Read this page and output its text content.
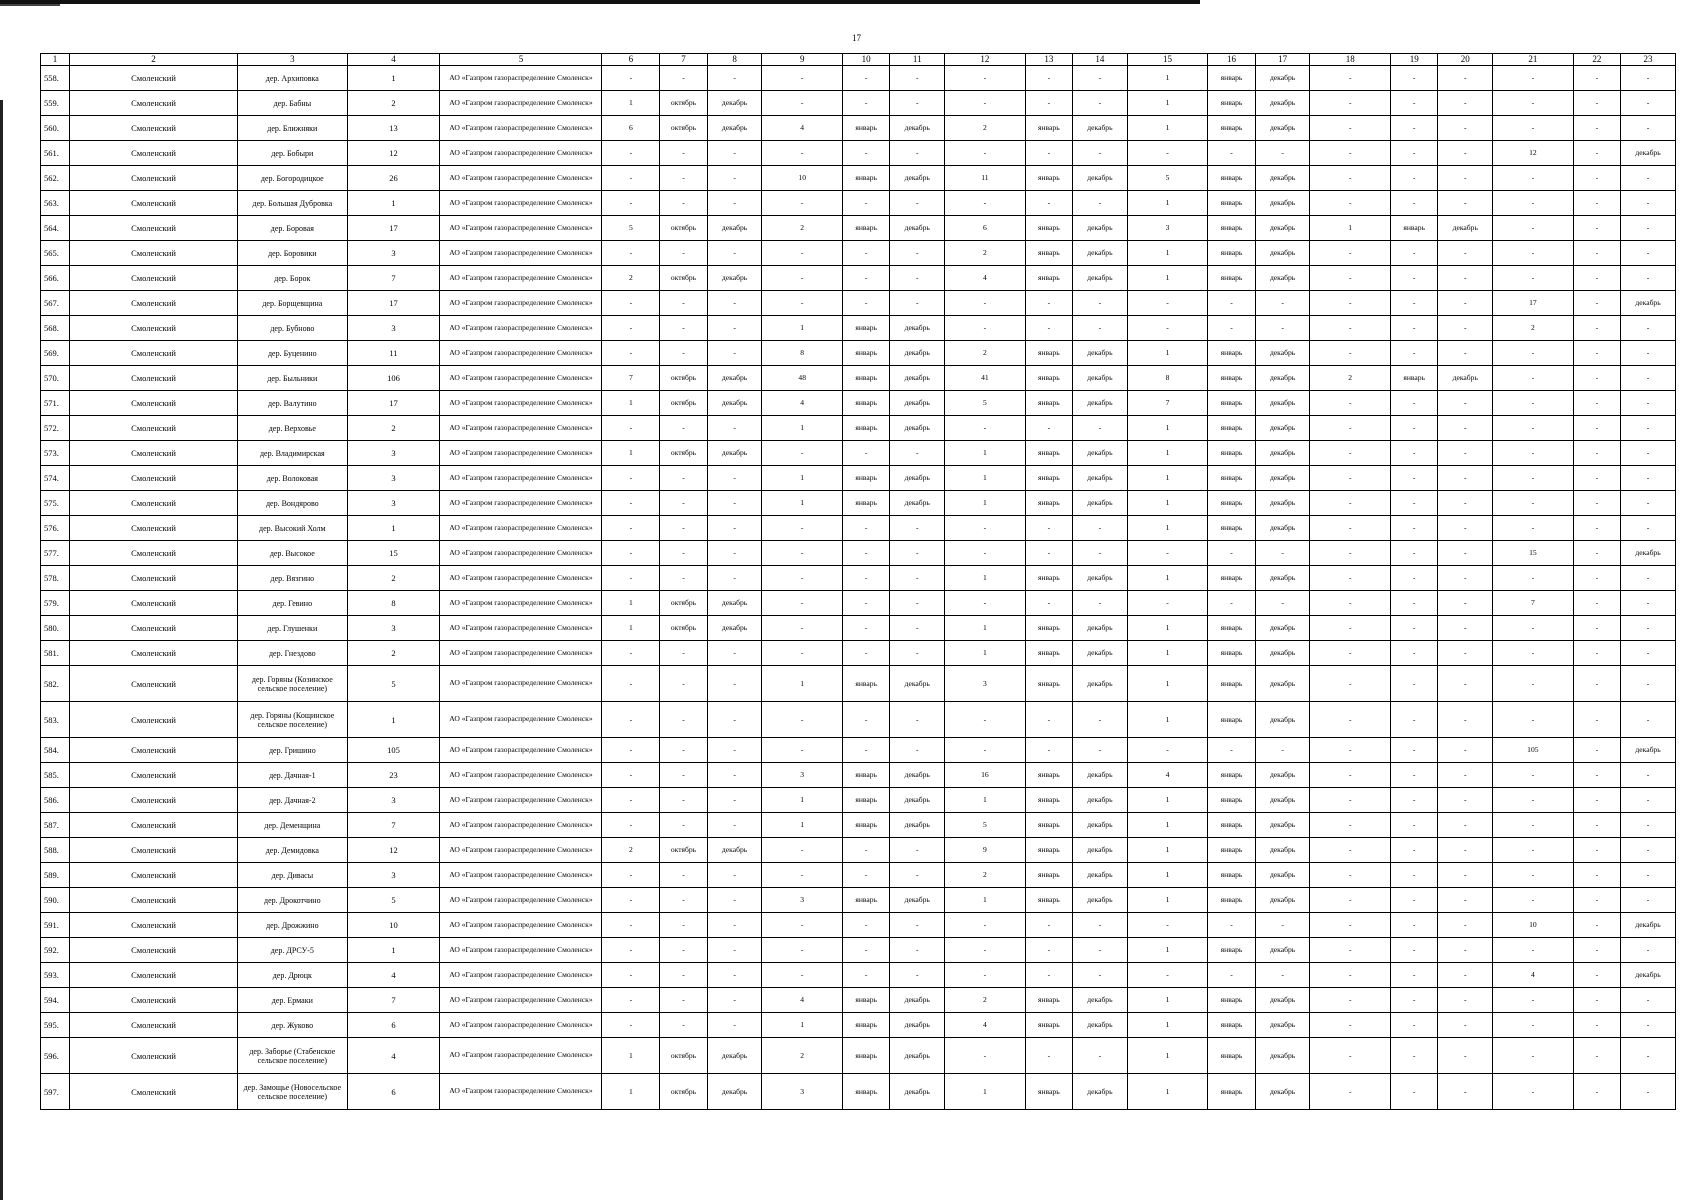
17
1	2	3	4	5	6	7	8	9	10	11	12	13	14	15	16	17	18	19	20	21	22	23
558.	Смоленский	дер. Архиповка	1	АО «Газпром газораспределение Смоленск»	-	-	-	-	-	-	-	-	-	1	январь	декабрь	-	-	-	-	-	-
559.	Смоленский	дер. Бабны	2	АО «Газпром газораспределение Смоленск»	1	октябрь	декабрь	-	-	-	-	-	-	1	январь	декабрь	-	-	-	-	-	-
560.	Смоленский	дер. Ближняки	13	АО «Газпром газораспределение Смоленск»	6	октябрь	декабрь	4	январь	декабрь	2	январь	декабрь	1	январь	декабрь	-	-	-	-	-	-
561.	Смоленский	дер. Бобыри	12	АО «Газпром газораспределение Смоленск»	-	-	-	-	-	-	-	-	-	-	-	-	-	-	-	12	-	декабрь
562.	Смоленский	дер. Богородицкое	26	АО «Газпром газораспределение Смоленск»	-	-	-	10	январь	декабрь	11	январь	декабрь	5	январь	декабрь	-	-	-	-	-	-
563.	Смоленский	дер. Большая Дубровка	1	АО «Газпром газораспределение Смоленск»	-	-	-	-	-	-	-	-	-	1	январь	декабрь	-	-	-	-	-	-
564.	Смоленский	дер. Боровая	17	АО «Газпром газораспределение Смоленск»	5	октябрь	декабрь	2	январь	декабрь	6	январь	декабрь	3	январь	декабрь	1	январь	декабрь	-	-	-
565.	Смоленский	дер. Боровики	3	АО «Газпром газораспределение Смоленск»	-	-	-	-	-	-	2	январь	декабрь	1	январь	декабрь	-	-	-	-	-	-
566.	Смоленский	дер. Борок	7	АО «Газпром газораспределение Смоленск»	2	октябрь	декабрь	-	-	-	4	январь	декабрь	1	январь	декабрь	-	-	-	-	-	-
567.	Смоленский	дер. Борщевщина	17	АО «Газпром газораспределение Смоленск»	-	-	-	-	-	-	-	-	-	-	-	-	-	-	-	17	-	декабрь
568.	Смоленский	дер. Бубново	3	АО «Газпром газораспределение Смоленск»	-	-	-	1	январь	декабрь	-	-	-	-	-	-	-	-	-	2	-	-
569.	Смоленский	дер. Буценино	11	АО «Газпром газораспределение Смоленск»	-	-	-	8	январь	декабрь	2	январь	декабрь	1	январь	декабрь	-	-	-	-	-	-
570.	Смоленский	дер. Быльники	106	АО «Газпром газораспределение Смоленск»	7	октябрь	декабрь	48	январь	декабрь	41	январь	декабрь	8	январь	декабрь	2	январь	декабрь	-	-	-
571.	Смоленский	дер. Валутино	17	АО «Газпром газораспределение Смоленск»	1	октябрь	декабрь	4	январь	декабрь	5	январь	декабрь	7	январь	декабрь	-	-	-	-	-	-
572.	Смоленский	дер. Верховье	2	АО «Газпром газораспределение Смоленск»	-	-	-	1	январь	декабрь	-	-	-	1	январь	декабрь	-	-	-	-	-	-
573.	Смоленский	дер. Владимирская	3	АО «Газпром газораспределение Смоленск»	1	октябрь	декабрь	-	-	-	1	январь	декабрь	1	январь	декабрь	-	-	-	-	-	-
574.	Смоленский	дер. Волоковая	3	АО «Газпром газораспределение Смоленск»	-	-	-	1	январь	декабрь	1	январь	декабрь	1	январь	декабрь	-	-	-	-	-	-
575.	Смоленский	дер. Вондярово	3	АО «Газпром газораспределение Смоленск»	-	-	-	1	январь	декабрь	1	январь	декабрь	1	январь	декабрь	-	-	-	-	-	-
576.	Смоленский	дер. Высокий Холм	1	АО «Газпром газораспределение Смоленск»	-	-	-	-	-	-	-	-	-	1	январь	декабрь	-	-	-	-	-	-
577.	Смоленский	дер. Высокое	15	АО «Газпром газораспределение Смоленск»	-	-	-	-	-	-	-	-	-	-	-	-	-	-	-	15	-	декабрь
578.	Смоленский	дер. Вязгино	2	АО «Газпром газораспределение Смоленск»	-	-	-	-	-	-	1	январь	декабрь	1	январь	декабрь	-	-	-	-	-	-
579.	Смоленский	дер. Гевино	8	АО «Газпром газораспределение Смоленск»	1	октябрь	декабрь	-	-	-	-	-	-	-	-	-	-	-	-	7	-	-
580.	Смоленский	дер. Глушенки	3	АО «Газпром газораспределение Смоленск»	1	октябрь	декабрь	-	-	-	1	январь	декабрь	1	январь	декабрь	-	-	-	-	-	-
581.	Смоленский	дер. Гнездово	2	АО «Газпром газораспределение Смоленск»	-	-	-	-	-	-	1	январь	декабрь	1	январь	декабрь	-	-	-	-	-	-
582.	Смоленский	дер. Горяны (Козинское сельское поселение)	5	АО «Газпром газораспределение Смоленск»	-	-	-	1	январь	декабрь	3	январь	декабрь	1	январь	декабрь	-	-	-	-	-	-
583.	Смоленский	дер. Горяны (Кощинское сельское поселение)	1	АО «Газпром газораспределение Смоленск»	-	-	-	-	-	-	-	-	-	1	январь	декабрь	-	-	-	-	-	-
584.	Смоленский	дер. Гришино	105	АО «Газпром газораспределение Смоленск»	-	-	-	-	-	-	-	-	-	-	-	-	-	-	-	105	-	декабрь
585.	Смоленский	дер. Дачная-1	23	АО «Газпром газораспределение Смоленск»	-	-	-	3	январь	декабрь	16	январь	декабрь	4	январь	декабрь	-	-	-	-	-	-
586.	Смоленский	дер. Дачная-2	3	АО «Газпром газораспределение Смоленск»	-	-	-	1	январь	декабрь	1	январь	декабрь	1	январь	декабрь	-	-	-	-	-	-
587.	Смоленский	дер. Деменщина	7	АО «Газпром газораспределение Смоленск»	-	-	-	1	январь	декабрь	5	январь	декабрь	1	январь	декабрь	-	-	-	-	-	-
588.	Смоленский	дер. Демидовка	12	АО «Газпром газораспределение Смоленск»	2	октябрь	декабрь	-	-	-	9	январь	декабрь	1	январь	декабрь	-	-	-	-	-	-
589.	Смоленский	дер. Дивасы	3	АО «Газпром газораспределение Смоленск»	-	-	-	-	-	-	2	январь	декабрь	1	январь	декабрь	-	-	-	-	-	-
590.	Смоленский	дер. Дрокотчино	5	АО «Газпром газораспределение Смоленск»	-	-	-	3	январь	декабрь	1	январь	декабрь	1	январь	декабрь	-	-	-	-	-	-
591.	Смоленский	дер. Дрожжино	10	АО «Газпром газораспределение Смоленск»	-	-	-	-	-	-	-	-	-	-	-	-	-	-	-	10	-	декабрь
592.	Смоленский	дер. ДРСУ-5	1	АО «Газпром газораспределение Смоленск»	-	-	-	-	-	-	-	-	-	1	январь	декабрь	-	-	-	-	-	-
593.	Смоленский	дер. Дрюцк	4	АО «Газпром газораспределение Смоленск»	-	-	-	-	-	-	-	-	-	-	-	-	-	-	-	4	-	декабрь
594.	Смоленский	дер. Ермаки	7	АО «Газпром газораспределение Смоленск»	-	-	-	4	январь	декабрь	2	январь	декабрь	1	январь	декабрь	-	-	-	-	-	-
595.	Смоленский	дер. Жуково	6	АО «Газпром газораспределение Смоленск»	-	-	-	1	январь	декабрь	4	январь	декабрь	1	январь	декабрь	-	-	-	-	-	-
596.	Смоленский	дер. Заборье (Стабенское сельское поселение)	4	АО «Газпром газораспределение Смоленск»	1	октябрь	декабрь	2	январь	декабрь	-	-	-	1	январь	декабрь	-	-	-	-	-	-
597.	Смоленский	дер. Замощье (Новосельское сельское поселение)	6	АО «Газпром газораспределение Смоленск»	1	октябрь	декабрь	3	январь	декабрь	1	январь	декабрь	1	январь	декабрь	-	-	-	-	-	-
